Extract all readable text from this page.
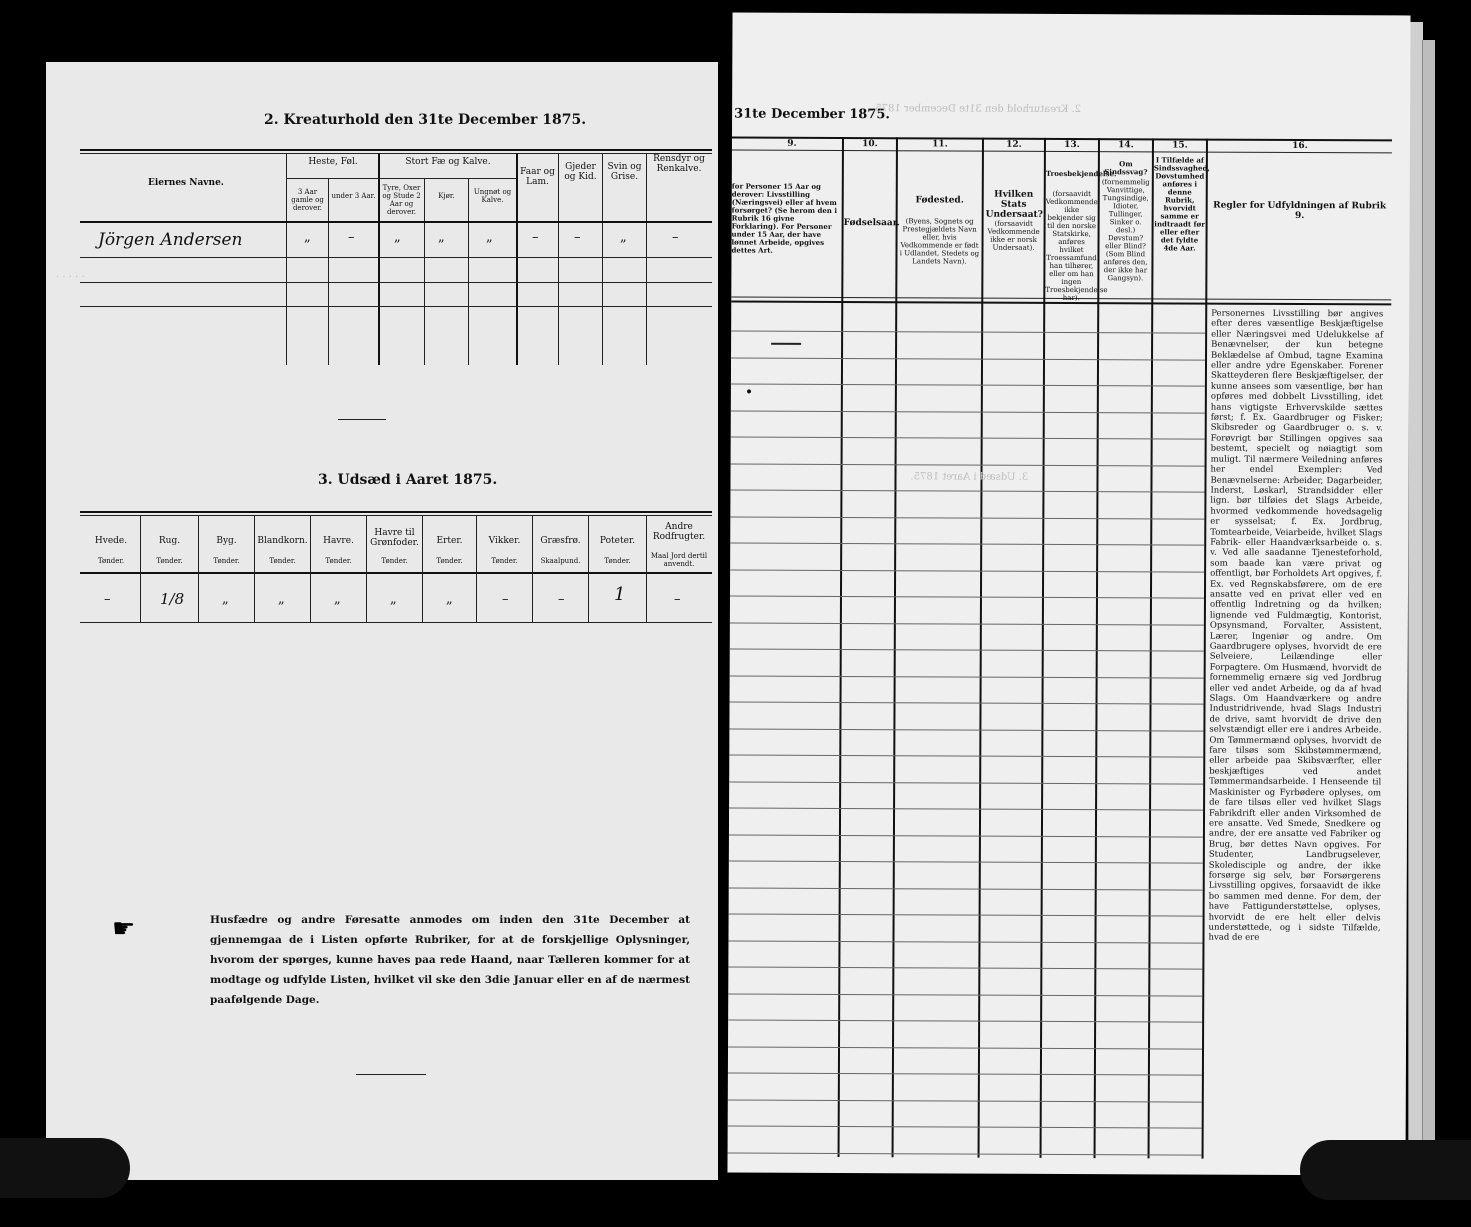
· · · · ·
2. Kreaturhold den 31te December 1875.
Eiernes Navne.
Heste, Føl.
3 Aar gamle og derover.
under 3 Aar.
Stort Fæ og Kalve.
Tyre, Oxer og Stude 2 Aar og derover.
Kjør.	Ungnøt og Kalve.
Faar og Lam.
Gjeder og Kid.
Svin og Grise.
Rensdyr og Renkalve.
Jörgen Andersen	„	–	„	„	„	–	–	„	–
3. Udsæd i Aaret 1875.
Hvede.
Tønder.
Rug.
Tønder.
Byg.
Tønder.
Blandkorn.
Tønder.
Havre.
Tønder.
Havre til Grønfoder.
Tønder.
Erter.
Tønder.
Vikker.
Tønder.
Græsfrø.
Skaalpund.
Poteter.
Tønder.
Andre Rodfrugter.
Maal Jord dertil anvendt.
–	1/8	„	„	„	„	„	–	–	1	–
☛	Husfædre og andre Føresatte anmodes om inden den 31te December at gjennemgaa de i Listen opførte Rubriker, for at de forskjellige Oplysninger, hvorom der spørges, kunne haves paa rede Haand, naar Tælleren kommer for at modtage og udfylde Listen, hvilket vil ske den 3die Januar eller en af de nærmest paafølgende Dage.
31te December 1875.
2. Kreaturhold den 31te December 1875.
9.	10.	11.	12.	13.	14.	15.	16.
for Personer 15 Aar og derover: Livsstilling (Næringsvei) eller af hvem forsørget? (Se herom den i Rubrik 16 givne Forklaring). For Personer under 15 Aar, der have lønnet Arbeide, opgives dettes Art.
Fødselsaar.
Fødested.
(Byens, Sognets og Prestegjældets Navn eller, hvis Vedkommende er født i Udlandet, Stedets og Landets Navn).
Hvilken Stats Undersaat?
(forsaavidt Vedkommende ikke er norsk Undersaat).
Troesbekjendelse.
(forsaavidt Vedkommende ikke bekjender sig til den norske Statskirke, anføres hvilket Troessamfund han tilhører, eller om han ingen Troesbekjendelse har).
Om Sindssvag?
(fornemmelig Vanvittige, Tungsindige, Idioter, Tullinger, Sinker o. desl.) Døvstum? eller Blind? (Som Blind anføres den, der ikke har Gangsyn).
I Tilfælde af Sindssvaghed, Døvstumhed anføres i denne Rubrik, hvorvidt samme er indtraadt før eller efter det fyldte 4de Aar.
Regler for Udfyldningen af Rubrik 9.
Personernes Livsstilling bør angives efter deres væsentlige Beskjæftigelse eller Næringsvei med Udelukkelse af Benævnelser, der kun betegne Beklædelse af Ombud, tagne Examina eller andre ydre Egenskaber. Forener Skatteyderen flere Beskjæftigelser, der kunne ansees som væsentlige, bør han opføres med dobbelt Livsstilling, idet hans vigtigste Erhvervskilde sættes først; f. Ex. Gaardbruger og Fisker; Skibsreder og Gaardbruger o. s. v. Forøvrigt bør Stillingen opgives saa bestemt, specielt og nøiagtigt som muligt. Til nærmere Veiledning anføres her endel Exempler: Ved Benævnelserne: Arbeider, Dagarbeider, Inderst, Løskarl, Strandsidder eller lign. bør tilføies det Slags Arbeide, hvormed vedkommende hovedsagelig er sysselsat; f. Ex. Jordbrug, Tomtearbeide, Veiarbeide, hvilket Slags Fabrik- eller Haandværksarbeide o. s. v. Ved alle saadanne Tjenesteforhold, som baade kan være privat og offentligt, bør Forholdets Art opgives, f. Ex. ved Regnskabsførere, om de ere ansatte ved en privat eller ved en offentlig Indretning og da hvilken; lignende ved Fuldmægtig, Kontorist, Opsynsmand, Forvalter, Assistent, Lærer, Ingeniør og andre. Om Gaardbrugere oplyses, hvorvidt de ere Selveiere, Leilændinge eller Forpagtere. Om Husmænd, hvorvidt de fornemmelig ernære sig ved Jordbrug eller ved andet Arbeide, og da af hvad Slags. Om Haandværkere og andre Industridrivende, hvad Slags Industri de drive, samt hvorvidt de drive den selvstændigt eller ere i andres Arbeide. Om Tømmermænd oplyses, hvorvidt de fare tilsøs som Skibstømmermænd, eller arbeide paa Skibsværfter, eller beskjæftiges ved andet Tømmermandsarbeide. I Henseende til Maskinister og Fyrbødere oplyses, om de fare tilsøs eller ved hvilket Slags Fabrikdrift eller anden Virksomhed de ere ansatte. Ved Smede, Snedkere og andre, der ere ansatte ved Fabriker og Brug, bør dettes Navn opgives. For Studenter, Landbrugselever, Skoledisciple og andre, der ikke forsørge sig selv, bør Forsørgerens Livsstilling opgives, forsaavidt de ikke bo sammen med denne. For dem, der have Fattigunderstøttelse, oplyses, hvorvidt de ere helt eller delvis understøttede, og i sidste Tilfælde, hvad de ere
•
3. Udsæd i Aaret 1875.
